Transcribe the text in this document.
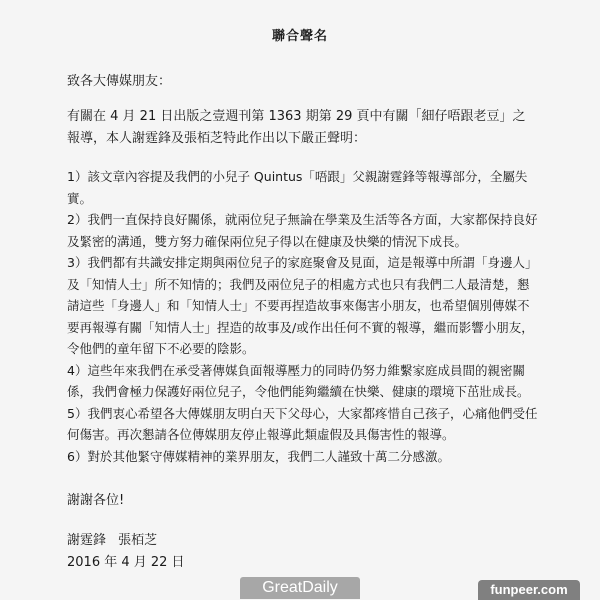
聯合聲名
致各大傳媒朋友：
有關在 4 月 21 日出版之壹週刊第 1363 期第 29 頁中有關「細仔唔跟老豆」之報導，本人謝霆鋒及張栢芝特此作出以下嚴正聲明：

1）該文章內容提及我們的小兒子 Quintus「唔跟」父親謝霆鋒等報導部分，全屬失實。

2）我們一直保持良好關係，就兩位兒子無論在學業及生活等各方面，大家都保持良好及緊密的溝通，雙方努力確保兩位兒子得以在健康及快樂的情況下成長。

3）我們都有共識安排定期與兩位兒子的家庭聚會及見面，這是報導中所謂「身邊人」及「知情人士」所不知情的；我們及兩位兒子的相處方式也只有我們二人最清楚，懇請這些「身邊人」和「知情人士」不要再捏造故事來傷害小朋友，也希望個別傳媒不要再報導有關「知情人士」捏造的故事及/或作出任何不實的報導，繼而影響小朋友，令他們的童年留下不必要的陰影。

4）這些年來我們在承受著傳媒負面報導壓力的同時仍努力維繫家庭成員間的親密關係，我們會極力保護好兩位兒子，令他們能夠繼續在快樂、健康的環境下茁壯成長。

5）我們衷心希望各大傳媒朋友明白天下父母心，大家都疼惜自己孩子，心痛他們受任何傷害。再次懇請各位傳媒朋友停止報導此類虛假及具傷害性的報導。

6）對於其他緊守傳媒精神的業界朋友，我們二人謹致十萬二分感激。

謝謝各位!
謝霆鋒 張栢芝
2016 年 4 月 22 日
GreatDaily	funpeer.com
